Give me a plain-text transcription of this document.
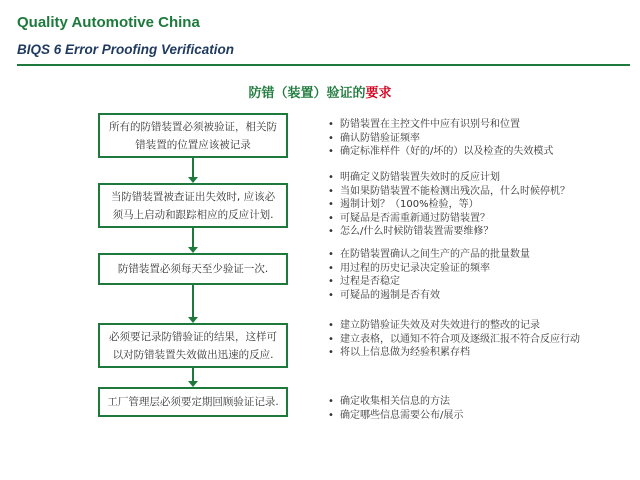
Quality Automotive China
BIQS 6 Error Proofing Verification
防错（装置）验证的要求
所有的防错装置必须被验证，相关防错装置的位置应该被记录
当防错装置被查证出失效时, 应该必须马上启动和跟踪相应的反应计划.
防错装置必须每天至少验证一次.
必须要记录防错验证的结果，这样可以对防错装置失效做出迅速的反应.
工厂管理层必须要定期回顾验证记录.
• 防错装置在主控文件中应有识别号和位置
• 确认防错验证频率
• 确定标准样件（好的/坏的）以及检查的失效模式
• 明确定义防错装置失效时的反应计划
• 当如果防错装置不能检测出残次品，什么时候停机？
• 遏制计划？（100%检验，等）
• 可疑品是否需重新通过防错装置？
• 怎么/什么时候防错装置需要维修？
• 在防错装置确认之间生产的产品的批量数量
• 用过程的历史记录决定验证的频率
• 过程是否稳定
• 可疑品的遏制是否有效
• 建立防错验证失效及对失效进行的整改的记录
• 建立表格，以通知不符合项及逐级汇报不符合反应行动
• 将以上信息做为经验积累存档
• 确定收集相关信息的方法
• 确定哪些信息需要公布/展示
